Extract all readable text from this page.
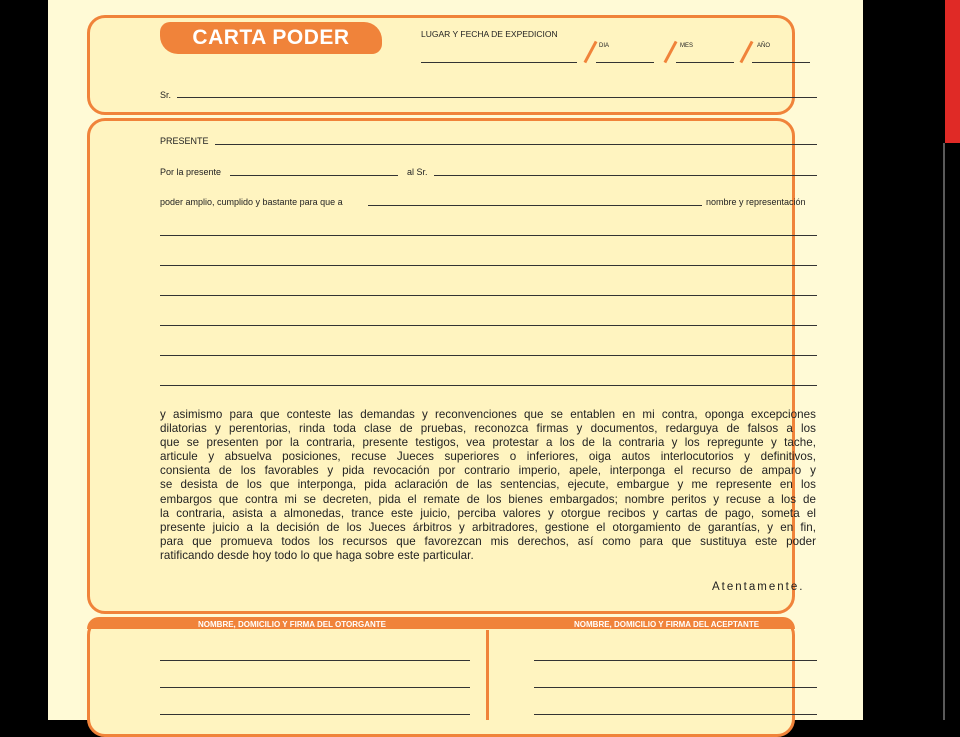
CARTA PODER	LUGAR Y FECHA DE EXPEDICION
DIA	MES	AÑO
Sr.
PRESENTE
Por la presente	al Sr.
poder amplio, cumplido y bastante para que a	nombre y representación
y asimismo para que conteste las demandas y reconvenciones que se entablen en mi contra, oponga excepciones
dilatorias y perentorias, rinda toda clase de pruebas, reconozca firmas y documentos, redarguya de falsos a los
que se presenten por la contraria, presente testigos, vea protestar a los de la contraria y los repregunte y tache,
articule y absuelva posiciones, recuse Jueces superiores o inferiores, oiga autos interlocutorios y definitivos,
consienta de los favorables y pida revocación por contrario imperio, apele, interponga el recurso de amparo y
se desista de los que interponga, pida aclaración de las sentencias, ejecute, embargue y me represente en los
embargos que contra mi se decreten, pida el remate de los bienes embargados; nombre peritos y recuse a los de
la contraria, asista a almonedas, trance este juicio, perciba valores y otorgue recibos y cartas de pago, someta el
presente juicio a la decisión de los Jueces árbitros y arbitradores, gestione el otorgamiento de garantías, y en fin,
para que promueva todos los recursos que favorezcan mis derechos, así como para que sustituya este poder
ratificando desde hoy todo lo que haga sobre este particular.
Atentamente.
NOMBRE, DOMICILIO Y FIRMA DEL OTORGANTE	NOMBRE, DOMICILIO Y FIRMA DEL ACEPTANTE
